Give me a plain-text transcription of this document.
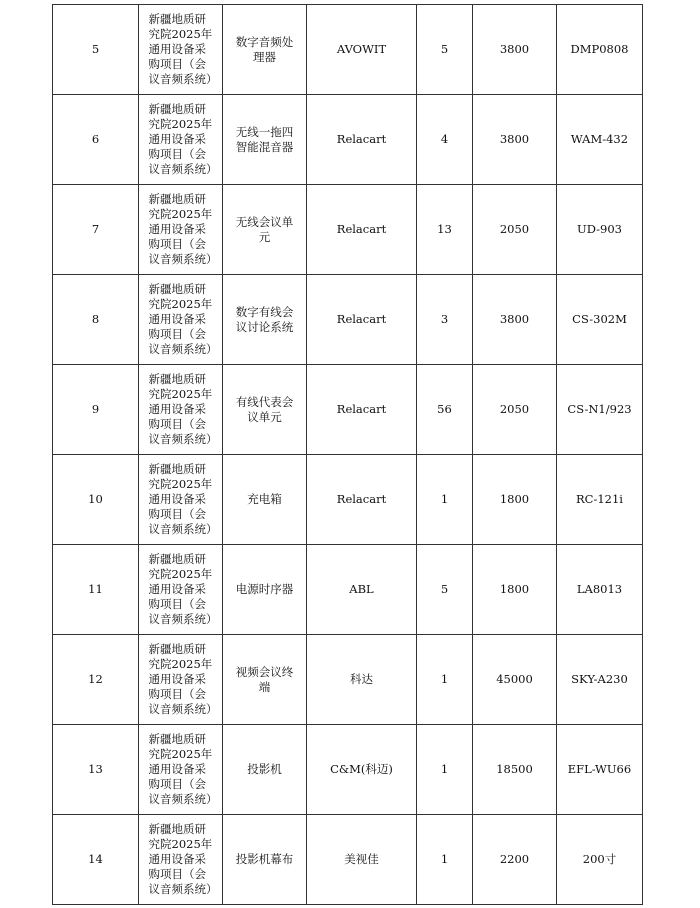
5	新疆地质研究院2025年通用设备采购项目（会议音频系统）	数字音频处理器	AVOWIT	5	3800	DMP0808
6	新疆地质研究院2025年通用设备采购项目（会议音频系统）	无线一拖四智能混音器	Relacart	4	3800	WAM-432
7	新疆地质研究院2025年通用设备采购项目（会议音频系统）	无线会议单元	Relacart	13	2050	UD-903
8	新疆地质研究院2025年通用设备采购项目（会议音频系统）	数字有线会议讨论系统	Relacart	3	3800	CS-302M
9	新疆地质研究院2025年通用设备采购项目（会议音频系统）	有线代表会议单元	Relacart	56	2050	CS-N1/923
10	新疆地质研究院2025年通用设备采购项目（会议音频系统）	充电箱	Relacart	1	1800	RC-121i
11	新疆地质研究院2025年通用设备采购项目（会议音频系统）	电源时序器	ABL	5	1800	LA8013
12	新疆地质研究院2025年通用设备采购项目（会议音频系统）	视频会议终端	科达	1	45000	SKY-A230
13	新疆地质研究院2025年通用设备采购项目（会议音频系统）	投影机	C&M(科迈)	1	18500	EFL-WU66
14	新疆地质研究院2025年通用设备采购项目（会议音频系统）	投影机幕布	美视佳	1	2200	200寸
